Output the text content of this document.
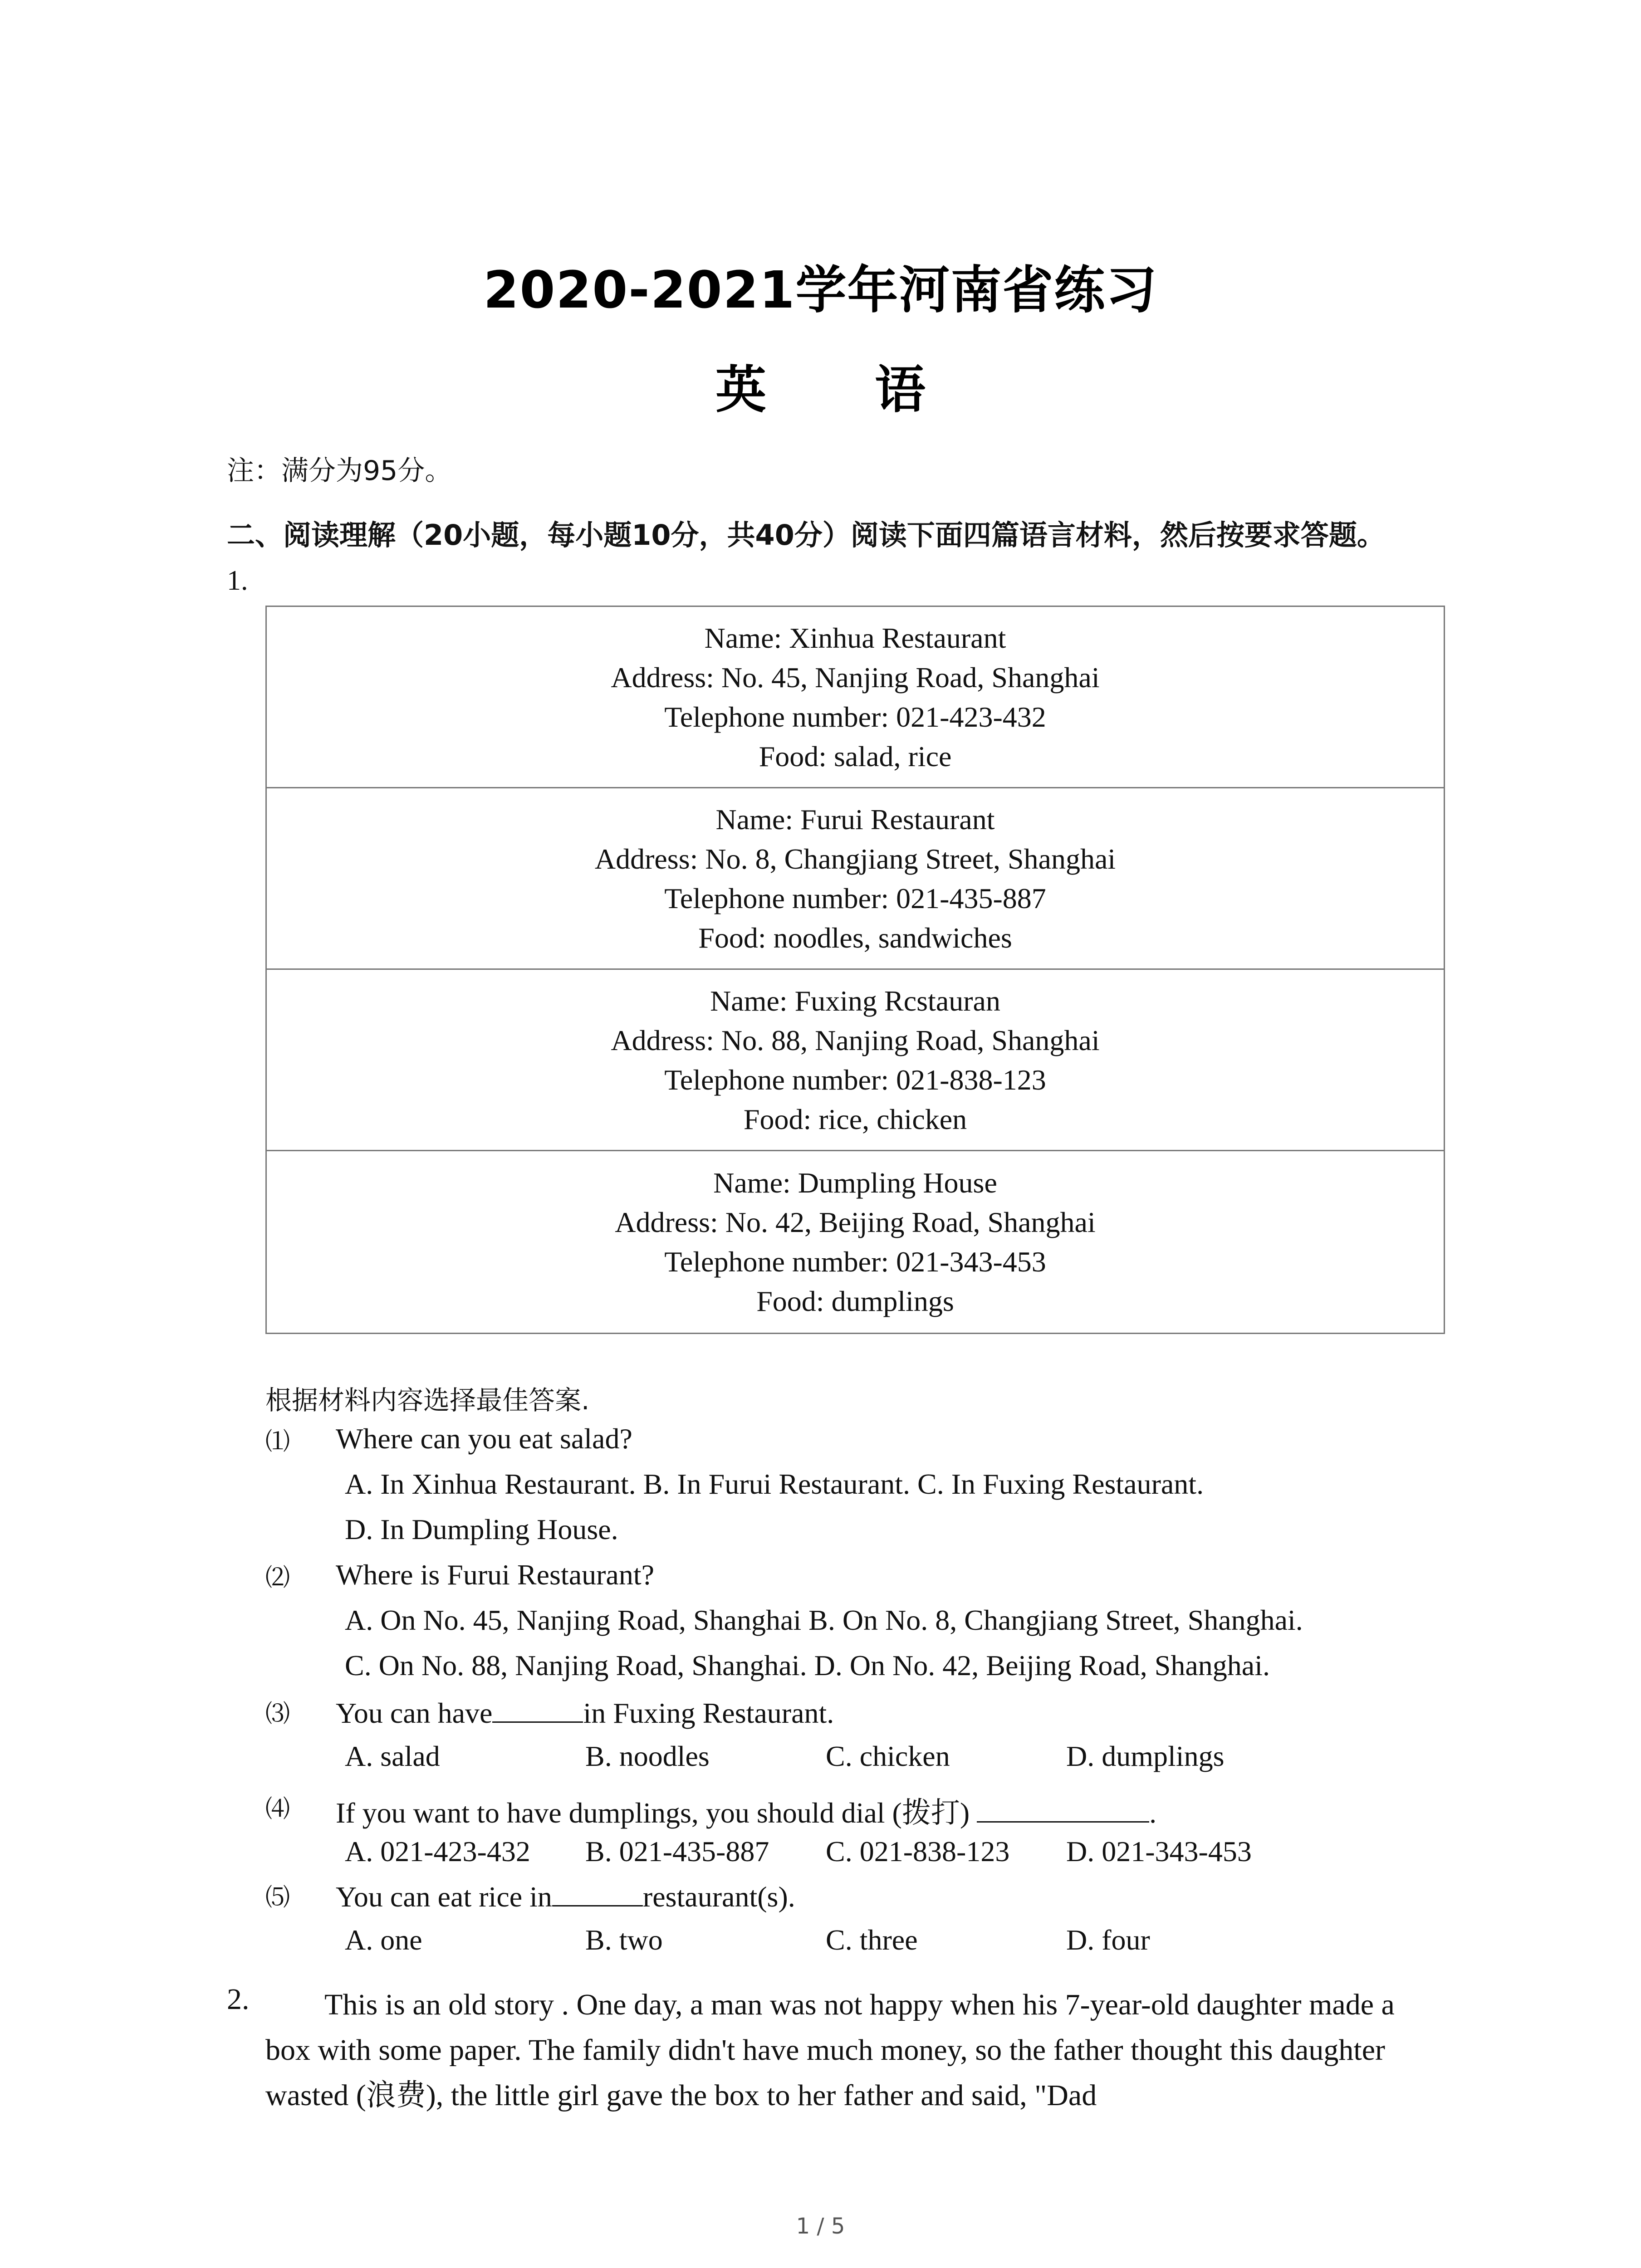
2020-2021学年河南省练习
英 语
注：满分为95分。
二、阅读理解（20小题，每小题10分，共40分）阅读下面四篇语言材料，然后按要求答题。
1.
Name: Xinhua Restaurant
Address: No. 45, Nanjing Road, Shanghai
Telephone number: 021-423-432
Food: salad, rice
Name: Furui Restaurant
Address: No. 8, Changjiang Street, Shanghai
Telephone number: 021-435-887
Food: noodles, sandwiches
Name: Fuxing Rcstauran
Address: No. 88, Nanjing Road, Shanghai
Telephone number: 021-838-123
Food: rice, chicken
Name: Dumpling House
Address: No. 42, Beijing Road, Shanghai
Telephone number: 021-343-453
Food: dumplings
根据材料内容选择最佳答案.
⑴ Where can you eat salad?
A. In Xinhua Restaurant. B. In Furui Restaurant. C. In Fuxing Restaurant.
D. In Dumpling House.
⑵ Where is Furui Restaurant?
A. On No. 45, Nanjing Road, Shanghai B. On No. 8, Changjiang Street, Shanghai.
C. On No. 88, Nanjing Road, Shanghai. D. On No. 42, Beijing Road, Shanghai.
⑶ You can have	in Fuxing Restaurant.
A. salad	B. noodles	C. chicken	D. dumplings
⑷ If you want to have dumplings, you should dial (拨打)	.
A. 021-423-432 B. 021-435-887 C. 021-838-123 D. 021-343-453
⑸ You can eat rice in	restaurant(s).
A. one	B. two	C. three	D. four
2.	This is an old story . One day, a man was not happy when his 7-year-old daughter made a
box with some paper. The family didn't have much money, so the father thought this daughter
wasted (浪费), the little girl gave the box to her father and said, "Dad
1 / 5
